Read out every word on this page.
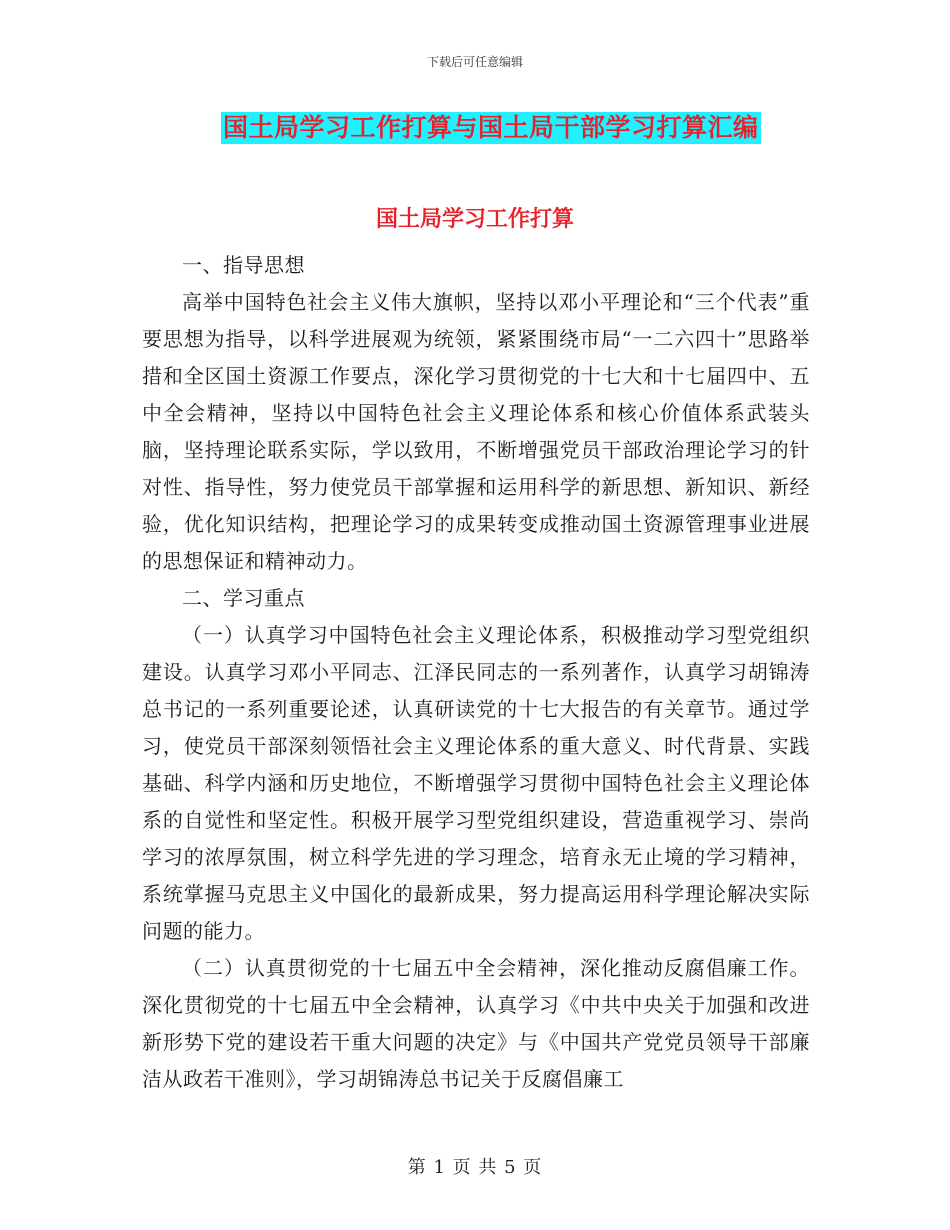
下载后可任意编辑
国土局学习工作打算与国土局干部学习打算汇编
国土局学习工作打算

一、指导思想

高举中国特色社会主义伟大旗帜，坚持以邓小平理论和“三个代表”重要思想为指导，以科学进展观为统领，紧紧围绕市局“一二六四十”思路举措和全区国土资源工作要点，深化学习贯彻党的十七大和十七届四中、五中全会精神，坚持以中国特色社会主义理论体系和核心价值体系武装头脑，坚持理论联系实际，学以致用，不断增强党员干部政治理论学习的针对性、指导性，努力使党员干部掌握和运用科学的新思想、新知识、新经验，优化知识结构，把理论学习的成果转变成推动国土资源管理事业进展的思想保证和精神动力。

二、学习重点

（一）认真学习中国特色社会主义理论体系，积极推动学习型党组织建设。认真学习邓小平同志、江泽民同志的一系列著作，认真学习胡锦涛总书记的一系列重要论述，认真研读党的十七大报告的有关章节。通过学习，使党员干部深刻领悟社会主义理论体系的重大意义、时代背景、实践基础、科学内涵和历史地位，不断增强学习贯彻中国特色社会主义理论体系的自觉性和坚定性。积极开展学习型党组织建设，营造重视学习、崇尚学习的浓厚氛围，树立科学先进的学习理念，培育永无止境的学习精神，系统掌握马克思主义中国化的最新成果，努力提高运用科学理论解决实际问题的能力。

（二）认真贯彻党的十七届五中全会精神，深化推动反腐倡廉工作。深化贯彻党的十七届五中全会精神，认真学习《中共中央关于加强和改进新形势下党的建设若干重大问题的决定》与《中国共产党党员领导干部廉洁从政若干准则》，学习胡锦涛总书记关于反腐倡廉工

第 1 页 共 5 页
